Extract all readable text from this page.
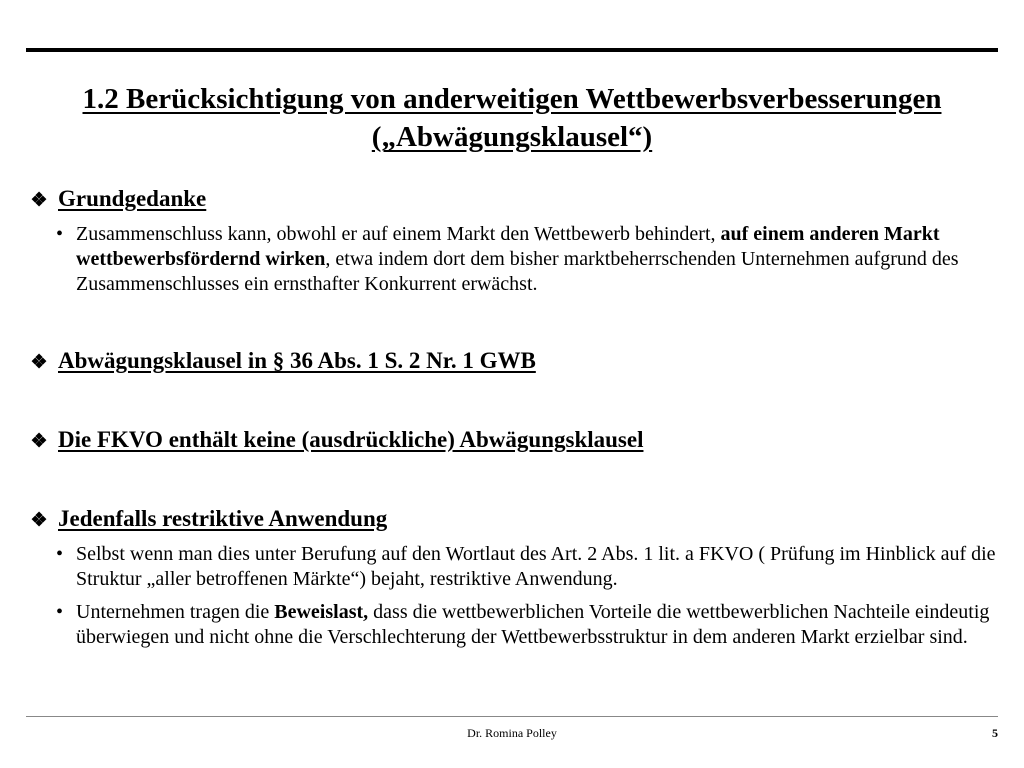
1.2 Berücksichtigung von anderweitigen Wettbewerbsverbesserungen
(„Abwägungsklausel“)
❖ Grundgedanke
• Zusammenschluss kann, obwohl er auf einem Markt den Wettbewerb behindert, auf einem anderen Markt wettbewerbsfördernd wirken, etwa indem dort dem bisher marktbeherrschenden Unternehmen aufgrund des Zusammenschlusses ein ernsthafter Konkurrent erwächst.
❖ Abwägungsklausel in § 36 Abs. 1 S. 2 Nr. 1 GWB
❖ Die FKVO enthält keine (ausdrückliche) Abwägungsklausel
❖ Jedenfalls restriktive Anwendung
• Selbst wenn man dies unter Berufung auf den Wortlaut des Art. 2 Abs. 1 lit. a FKVO ( Prüfung im Hinblick auf die Struktur „aller betroffenen Märkte“) bejaht, restriktive Anwendung.
• Unternehmen tragen die Beweislast, dass die wettbewerblichen Vorteile die wettbewerblichen Nachteile eindeutig überwiegen und nicht ohne die Verschlechterung der Wettbewerbsstruktur in dem anderen Markt erzielbar sind.
Dr. Romina Polley	5
